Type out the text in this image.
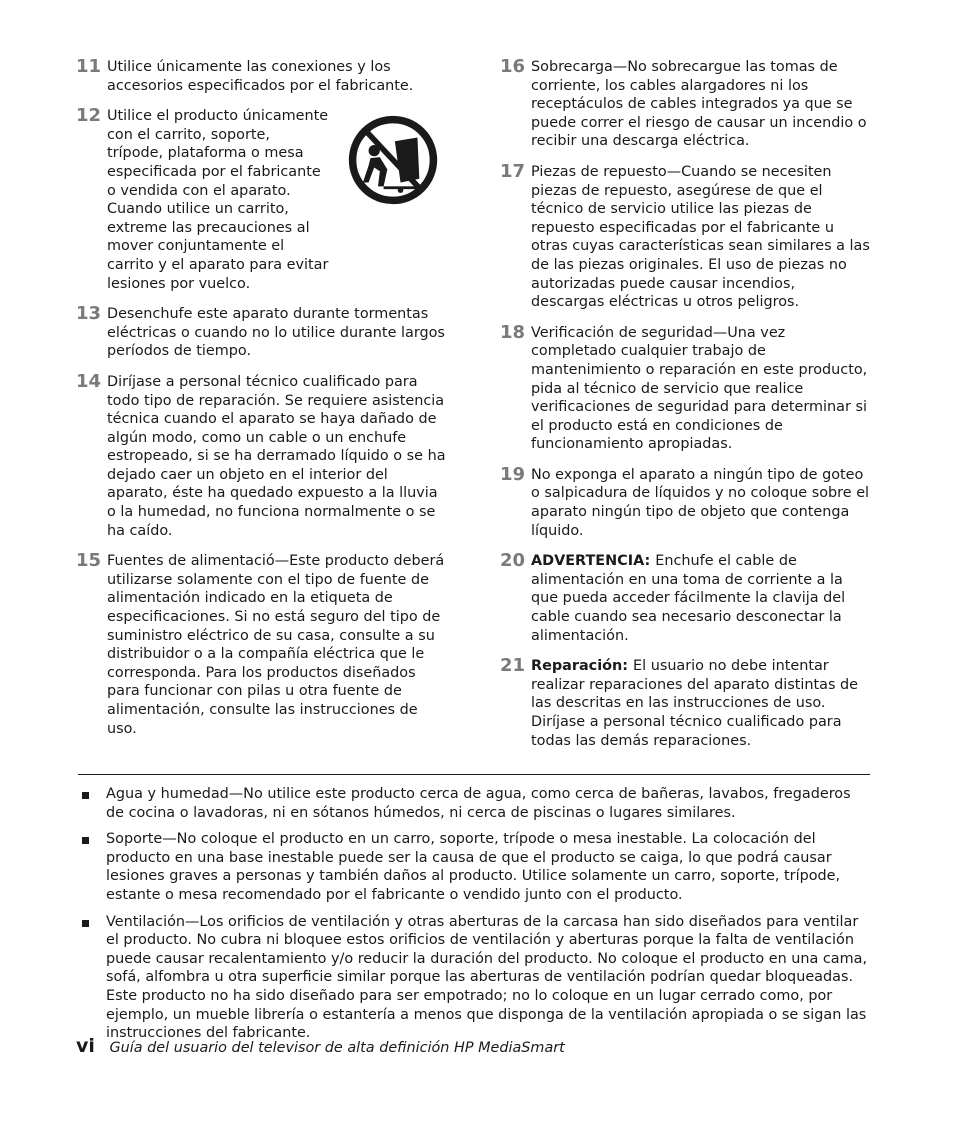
11 Utilice únicamente las conexiones y los accesorios especificados por el fabricante.
12 Utilice el producto únicamente con el carrito, soporte, trípode, plataforma o mesa especificada por el fabricante o vendida con el aparato. Cuando utilice un carrito, extreme las precauciones al mover conjuntamente el carrito y el aparato para evitar lesiones por vuelco.
13 Desenchufe este aparato durante tormentas eléctricas o cuando no lo utilice durante largos períodos de tiempo.
14 Diríjase a personal técnico cualificado para todo tipo de reparación. Se requiere asistencia técnica cuando el aparato se haya dañado de algún modo, como un cable o un enchufe estropeado, si se ha derramado líquido o se ha dejado caer un objeto en el interior del aparato, éste ha quedado expuesto a la lluvia o la humedad, no funciona normalmente o se ha caído.
15 Fuentes de alimentació—Este producto deberá utilizarse solamente con el tipo de fuente de alimentación indicado en la etiqueta de especificaciones. Si no está seguro del tipo de suministro eléctrico de su casa, consulte a su distribuidor o a la compañía eléctrica que le corresponda. Para los productos diseñados para funcionar con pilas u otra fuente de alimentación, consulte las instrucciones de uso.
16 Sobrecarga—No sobrecargue las tomas de corriente, los cables alargadores ni los receptáculos de cables integrados ya que se puede correr el riesgo de causar un incendio o recibir una descarga eléctrica.
17 Piezas de repuesto—Cuando se necesiten piezas de repuesto, asegúrese de que el técnico de servicio utilice las piezas de repuesto especificadas por el fabricante u otras cuyas características sean similares a las de las piezas originales. El uso de piezas no autorizadas puede causar incendios, descargas eléctricas u otros peligros.
18 Verificación de seguridad—Una vez completado cualquier trabajo de mantenimiento o reparación en este producto, pida al técnico de servicio que realice verificaciones de seguridad para determinar si el producto está en condiciones de funcionamiento apropiadas.
19 No exponga el aparato a ningún tipo de goteo o salpicadura de líquidos y no coloque sobre el aparato ningún tipo de objeto que contenga líquido.
20 ADVERTENCIA: Enchufe el cable de alimentación en una toma de corriente a la que pueda acceder fácilmente la clavija del cable cuando sea necesario desconectar la alimentación.
21 Reparación: El usuario no debe intentar realizar reparaciones del aparato distintas de las descritas en las instrucciones de uso. Diríjase a personal técnico cualificado para todas las demás reparaciones.
Agua y humedad—No utilice este producto cerca de agua, como cerca de bañeras, lavabos, fregaderos de cocina o lavadoras, ni en sótanos húmedos, ni cerca de piscinas o lugares similares.
Soporte—No coloque el producto en un carro, soporte, trípode o mesa inestable. La colocación del producto en una base inestable puede ser la causa de que el producto se caiga, lo que podrá causar lesiones graves a personas y también daños al producto. Utilice solamente un carro, soporte, trípode, estante o mesa recomendado por el fabricante o vendido junto con el producto.
Ventilación—Los orificios de ventilación y otras aberturas de la carcasa han sido diseñados para ventilar el producto. No cubra ni bloquee estos orificios de ventilación y aberturas porque la falta de ventilación puede causar recalentamiento y/o reducir la duración del producto. No coloque el producto en una cama, sofá, alfombra u otra superficie similar porque las aberturas de ventilación podrían quedar bloqueadas. Este producto no ha sido diseñado para ser empotrado; no lo coloque en un lugar cerrado como, por ejemplo, un mueble librería o estantería a menos que disponga de la ventilación apropiada o se sigan las instrucciones del fabricante.
vi Guía del usuario del televisor de alta definición HP MediaSmart
